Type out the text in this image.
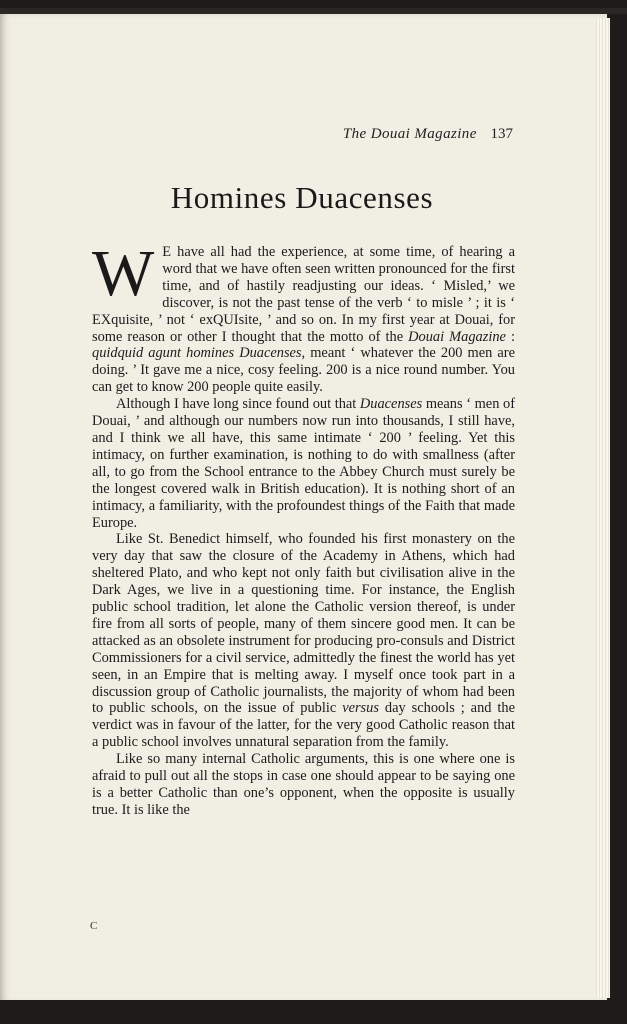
The Douai Magazine 137
Homines Duacenses

W E have all had the experience, at some time, of hearing a word that we have often seen written pronounced for the first time, and of hastily readjusting our ideas. ‘ Misled,’ we discover, is not the past tense of the verb ‘ to misle ’ ; it is ‘ EXquisite, ’ not ‘ exQUIsite, ’ and so on. In my first year at Douai, for some reason or other I thought that the motto of the Douai Magazine : quidquid agunt homines Duacenses, meant ‘ whatever the 200 men are doing. ’ It gave me a nice, cosy feeling. 200 is a nice round number. You can get to know 200 people quite easily.

Although I have long since found out that Duacenses means ‘ men of Douai, ’ and although our numbers now run into thousands, I still have, and I think we all have, this same intimate ‘ 200 ’ feeling. Yet this intimacy, on further examination, is nothing to do with smallness (after all, to go from the School entrance to the Abbey Church must surely be the longest covered walk in British education). It is nothing short of an intimacy, a familiarity, with the profoundest things of the Faith that made Europe.

Like St. Benedict himself, who founded his first monastery on the very day that saw the closure of the Academy in Athens, which had sheltered Plato, and who kept not only faith but civilisation alive in the Dark Ages, we live in a questioning time. For instance, the English public school tradition, let alone the Catholic version thereof, is under fire from all sorts of people, many of them sincere good men. It can be attacked as an obsolete instrument for producing pro-consuls and District Commissioners for a civil service, admittedly the finest the world has yet seen, in an Empire that is melting away. I myself once took part in a discussion group of Catholic journalists, the majority of whom had been to public schools, on the issue of public versus day schools ; and the verdict was in favour of the latter, for the very good Catholic reason that a public school involves unnatural separation from the family.

Like so many internal Catholic arguments, this is one where one is afraid to pull out all the stops in case one should appear to be saying one is a better Catholic than one’s opponent, when the opposite is usually true. It is like the

C
